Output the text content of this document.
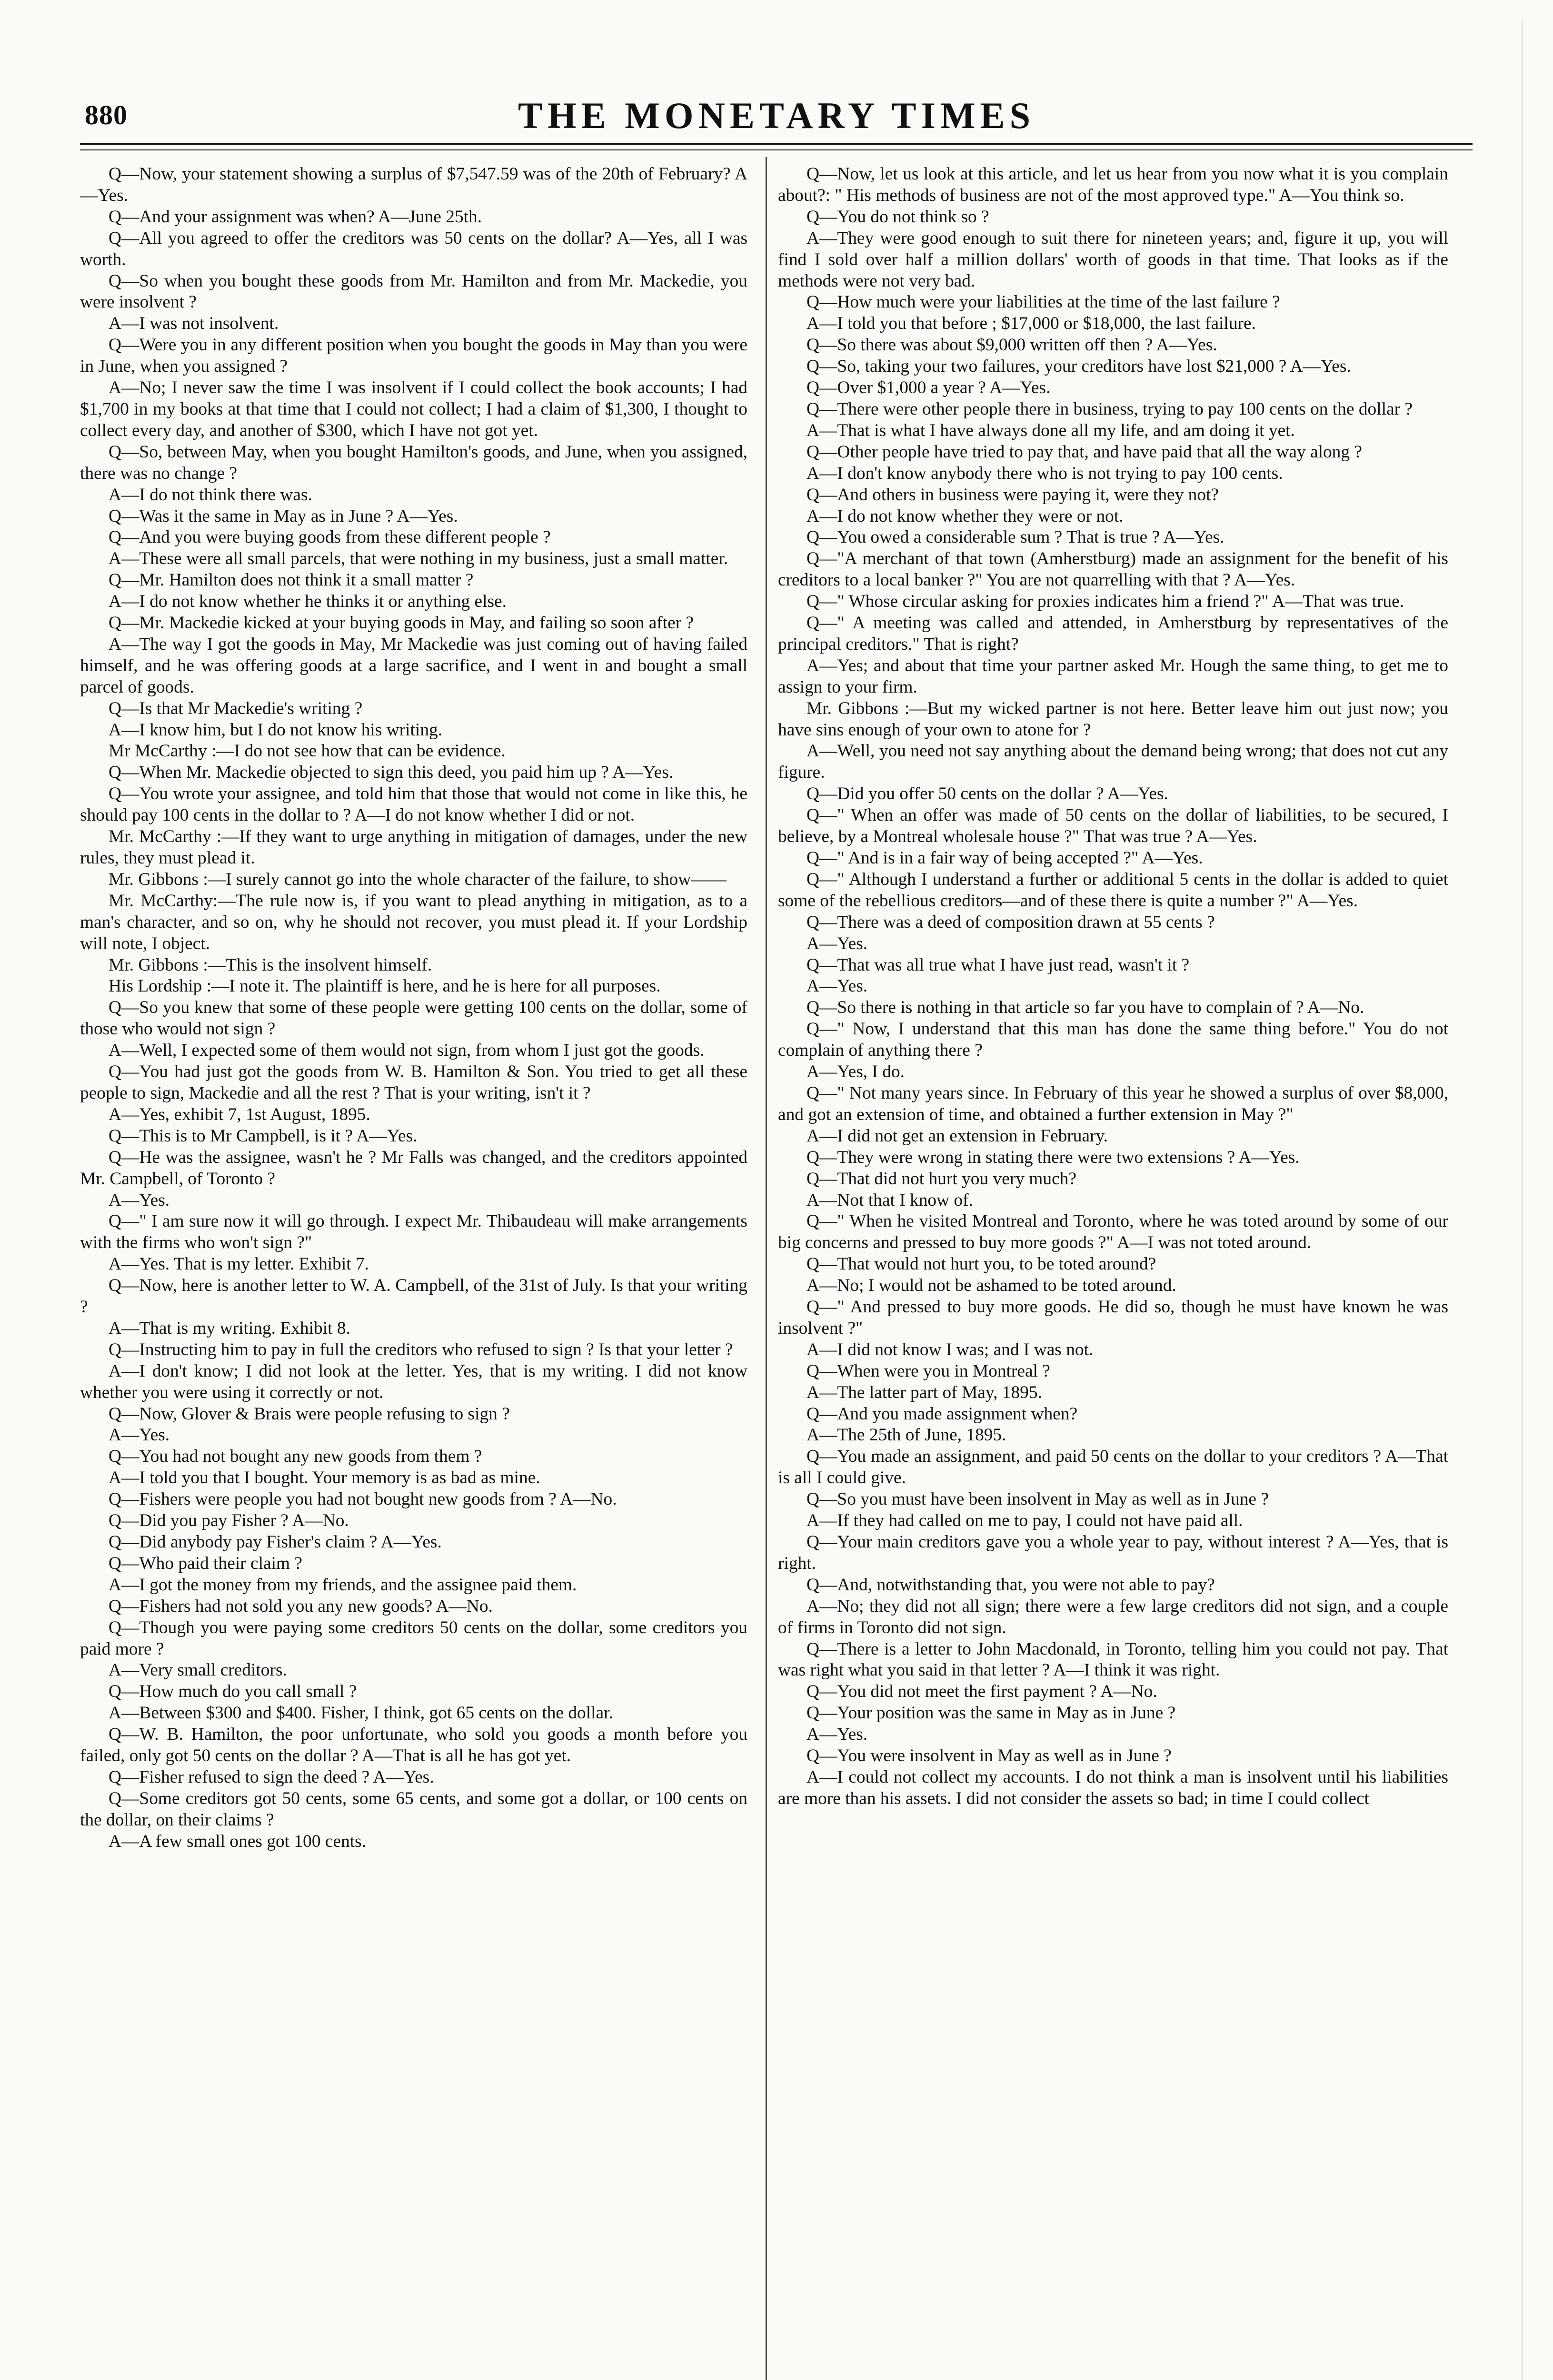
880	THE MONETARY TIMES

Q—Now, your statement showing a surplus of $7,547.59 was of the 20th of February? A—Yes.

Q—And your assignment was when? A—June 25th.

Q—All you agreed to offer the creditors was 50 cents on the dollar? A—Yes, all I was worth.

Q—So when you bought these goods from Mr. Hamilton and from Mr. Mackedie, you were insolvent ?

A—I was not insolvent.

Q—Were you in any different position when you bought the goods in May than you were in June, when you assigned ?

A—No; I never saw the time I was insolvent if I could collect the book accounts; I had $1,700 in my books at that time that I could not collect; I had a claim of $1,300, I thought to collect every day, and another of $300, which I have not got yet.

Q—So, between May, when you bought Hamilton's goods, and June, when you assigned, there was no change ?

A—I do not think there was.

Q—Was it the same in May as in June ? A—Yes.

Q—And you were buying goods from these different people ?

A—These were all small parcels, that were nothing in my business, just a small matter.

Q—Mr. Hamilton does not think it a small matter ?

A—I do not know whether he thinks it or anything else.

Q—Mr. Mackedie kicked at your buying goods in May, and failing so soon after ?

A—The way I got the goods in May, Mr Mackedie was just coming out of having failed himself, and he was offering goods at a large sacrifice, and I went in and bought a small parcel of goods.

Q—Is that Mr Mackedie's writing ?

A—I know him, but I do not know his writing.

Mr McCarthy :—I do not see how that can be evidence.

Q—When Mr. Mackedie objected to sign this deed, you paid him up ? A—Yes.

Q—You wrote your assignee, and told him that those that would not come in like this, he should pay 100 cents in the dollar to ? A—I do not know whether I did or not.

Mr. McCarthy :—If they want to urge anything in mitigation of damages, under the new rules, they must plead it.

Mr. Gibbons :—I surely cannot go into the whole character of the failure, to show——

Mr. McCarthy:—The rule now is, if you want to plead anything in mitigation, as to a man's character, and so on, why he should not recover, you must plead it. If your Lordship will note, I object.

Mr. Gibbons :—This is the insolvent himself.

His Lordship :—I note it. The plaintiff is here, and he is here for all purposes.

Q—So you knew that some of these people were getting 100 cents on the dollar, some of those who would not sign ?

A—Well, I expected some of them would not sign, from whom I just got the goods.

Q—You had just got the goods from W. B. Hamilton & Son. You tried to get all these people to sign, Mackedie and all the rest ? That is your writing, isn't it ?

A—Yes, exhibit 7, 1st August, 1895.

Q—This is to Mr Campbell, is it ? A—Yes.

Q—He was the assignee, wasn't he ? Mr Falls was changed, and the creditors appointed Mr. Campbell, of Toronto ?

A—Yes.

Q—" I am sure now it will go through. I expect Mr. Thibaudeau will make arrangements with the firms who won't sign ?"

A—Yes. That is my letter. Exhibit 7.

Q—Now, here is another letter to W. A. Campbell, of the 31st of July. Is that your writing ?

A—That is my writing. Exhibit 8.

Q—Instructing him to pay in full the creditors who refused to sign ? Is that your letter ?

A—I don't know; I did not look at the letter. Yes, that is my writing. I did not know whether you were using it correctly or not.

Q—Now, Glover & Brais were people refusing to sign ?

A—Yes.

Q—You had not bought any new goods from them ?

A—I told you that I bought. Your memory is as bad as mine.

Q—Fishers were people you had not bought new goods from ? A—No.

Q—Did you pay Fisher ? A—No.

Q—Did anybody pay Fisher's claim ? A—Yes.

Q—Who paid their claim ?

A—I got the money from my friends, and the assignee paid them.

Q—Fishers had not sold you any new goods? A—No.

Q—Though you were paying some creditors 50 cents on the dollar, some creditors you paid more ?

A—Very small creditors.

Q—How much do you call small ?

A—Between $300 and $400. Fisher, I think, got 65 cents on the dollar.

Q—W. B. Hamilton, the poor unfortunate, who sold you goods a month before you failed, only got 50 cents on the dollar ? A—That is all he has got yet.

Q—Fisher refused to sign the deed ? A—Yes.

Q—Some creditors got 50 cents, some 65 cents, and some got a dollar, or 100 cents on the dollar, on their claims ?

A—A few small ones got 100 cents.

Q—Now, let us look at this article, and let us hear from you now what it is you complain about?: " His methods of business are not of the most approved type." A—You think so.

Q—You do not think so ?

A—They were good enough to suit there for nineteen years; and, figure it up, you will find I sold over half a million dollars' worth of goods in that time. That looks as if the methods were not very bad.

Q—How much were your liabilities at the time of the last failure ?

A—I told you that before ; $17,000 or $18,000, the last failure.

Q—So there was about $9,000 written off then ? A—Yes.

Q—So, taking your two failures, your creditors have lost $21,000 ? A—Yes.

Q—Over $1,000 a year ? A—Yes.

Q—There were other people there in business, trying to pay 100 cents on the dollar ?

A—That is what I have always done all my life, and am doing it yet.

Q—Other people have tried to pay that, and have paid that all the way along ?

A—I don't know anybody there who is not trying to pay 100 cents.

Q—And others in business were paying it, were they not?

A—I do not know whether they were or not.

Q—You owed a considerable sum ? That is true ? A—Yes.

Q—"A merchant of that town (Amherstburg) made an assignment for the benefit of his creditors to a local banker ?" You are not quarrelling with that ? A—Yes.

Q—" Whose circular asking for proxies indicates him a friend ?" A—That was true.

Q—" A meeting was called and attended, in Amherstburg by representatives of the principal creditors." That is right?

A—Yes; and about that time your partner asked Mr. Hough the same thing, to get me to assign to your firm.

Mr. Gibbons :—But my wicked partner is not here. Better leave him out just now; you have sins enough of your own to atone for ?

A—Well, you need not say anything about the demand being wrong; that does not cut any figure.

Q—Did you offer 50 cents on the dollar ? A—Yes.

Q—" When an offer was made of 50 cents on the dollar of liabilities, to be secured, I believe, by a Montreal wholesale house ?" That was true ? A—Yes.

Q—" And is in a fair way of being accepted ?" A—Yes.

Q—" Although I understand a further or additional 5 cents in the dollar is added to quiet some of the rebellious creditors—and of these there is quite a number ?" A—Yes.

Q—There was a deed of composition drawn at 55 cents ?

A—Yes.

Q—That was all true what I have just read, wasn't it ?

A—Yes.

Q—So there is nothing in that article so far you have to complain of ? A—No.

Q—" Now, I understand that this man has done the same thing before." You do not complain of anything there ?

A—Yes, I do.

Q—" Not many years since. In February of this year he showed a surplus of over $8,000, and got an extension of time, and obtained a further extension in May ?"

A—I did not get an extension in February.

Q—They were wrong in stating there were two extensions ? A—Yes.

Q—That did not hurt you very much?

A—Not that I know of.

Q—" When he visited Montreal and Toronto, where he was toted around by some of our big concerns and pressed to buy more goods ?" A—I was not toted around.

Q—That would not hurt you, to be toted around?

A—No; I would not be ashamed to be toted around.

Q—" And pressed to buy more goods. He did so, though he must have known he was insolvent ?"

A—I did not know I was; and I was not.

Q—When were you in Montreal ?

A—The latter part of May, 1895.

Q—And you made assignment when?

A—The 25th of June, 1895.

Q—You made an assignment, and paid 50 cents on the dollar to your creditors ? A—That is all I could give.

Q—So you must have been insolvent in May as well as in June ?

A—If they had called on me to pay, I could not have paid all.

Q—Your main creditors gave you a whole year to pay, without interest ? A—Yes, that is right.

Q—And, notwithstanding that, you were not able to pay?

A—No; they did not all sign; there were a few large creditors did not sign, and a couple of firms in Toronto did not sign.

Q—There is a letter to John Macdonald, in Toronto, telling him you could not pay. That was right what you said in that letter ? A—I think it was right.

Q—You did not meet the first payment ? A—No.

Q—Your position was the same in May as in June ?

A—Yes.

Q—You were insolvent in May as well as in June ?

A—I could not collect my accounts. I do not think a man is insolvent until his liabilities are more than his assets. I did not consider the assets so bad; in time I could collect
